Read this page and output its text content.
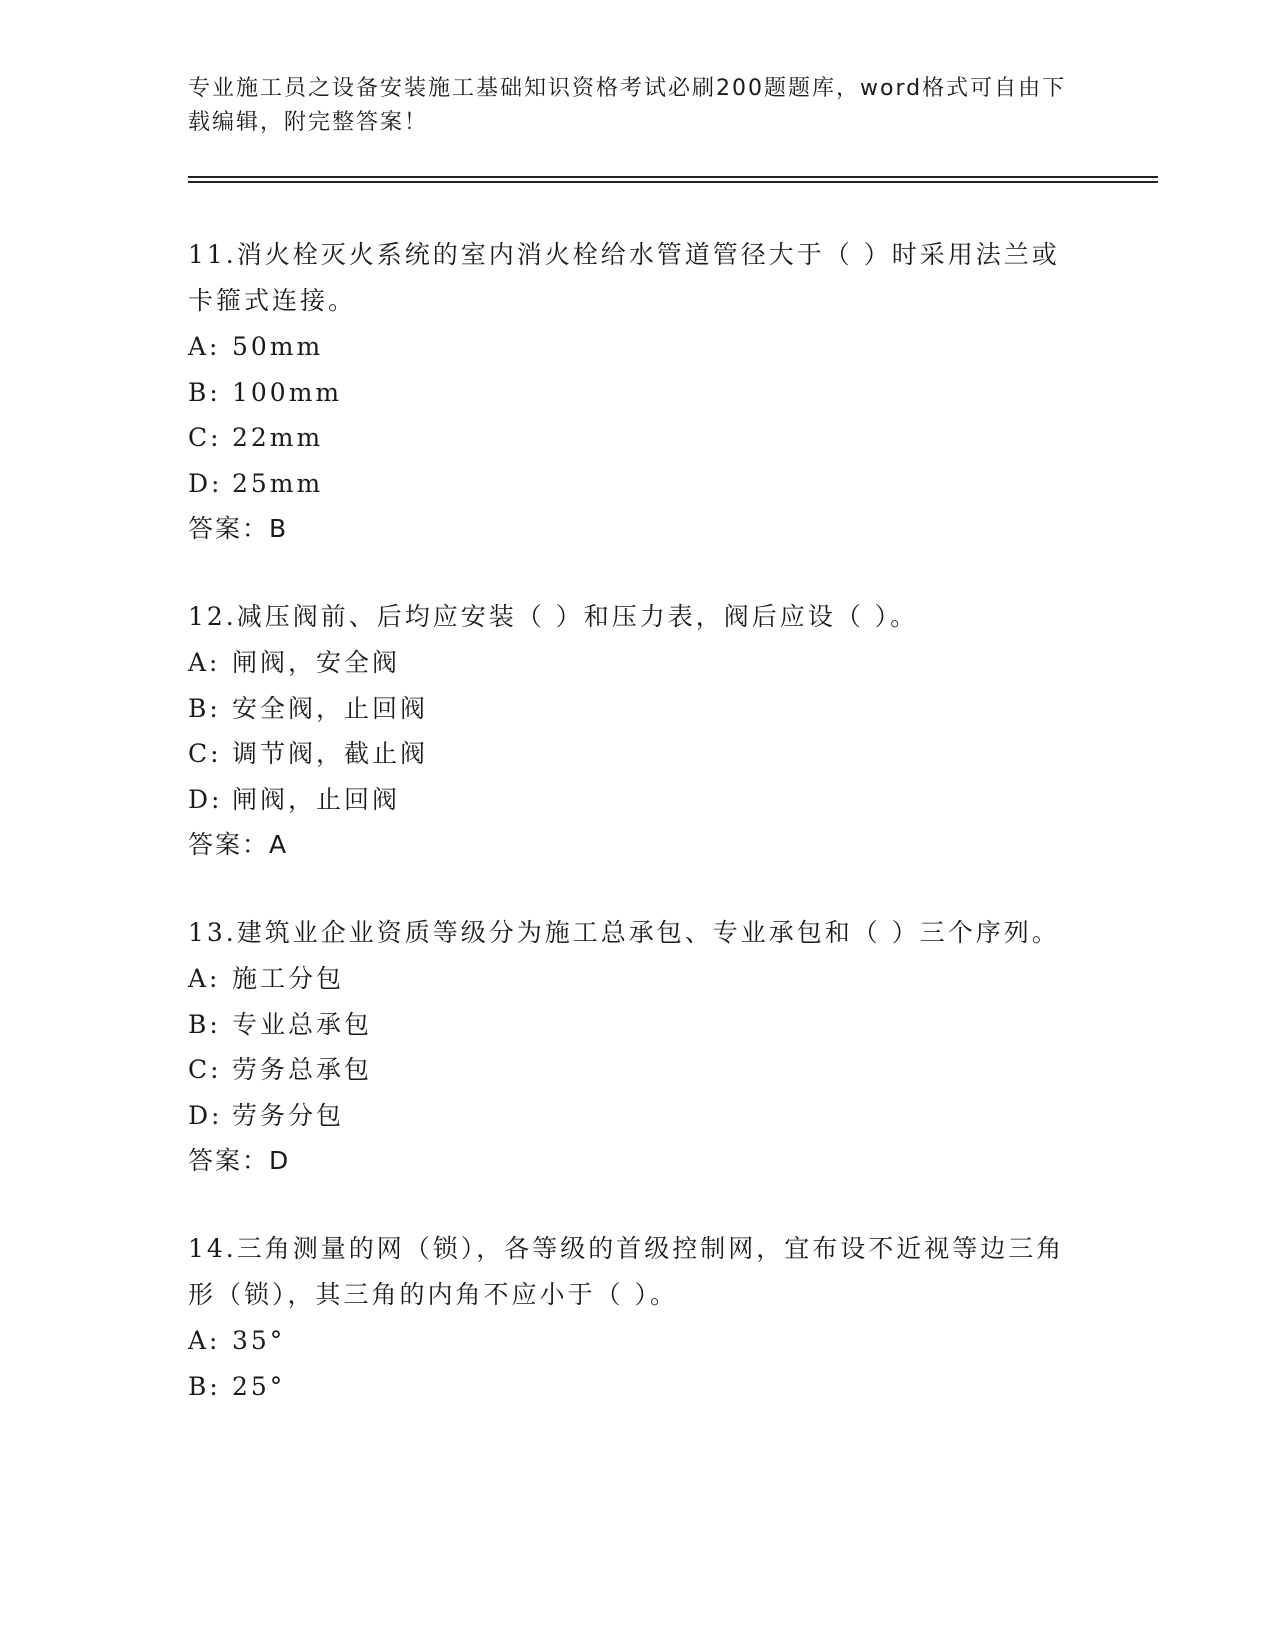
专业施工员之设备安装施工基础知识资格考试必刷200题题库，word格式可自由下载编辑，附完整答案！

11.消火栓灭火系统的室内消火栓给水管道管径大于（ ）时采用法兰或卡箍式连接。

A: 50mm

B: 100mm

C: 22mm

D: 25mm

答案：B

12.减压阀前、后均应安装（ ）和压力表，阀后应设（ ）。

A: 闸阀，安全阀

B: 安全阀，止回阀

C: 调节阀，截止阀

D: 闸阀，止回阀

答案：A

13.建筑业企业资质等级分为施工总承包、专业承包和（ ）三个序列。

A: 施工分包

B: 专业总承包

C: 劳务总承包

D: 劳务分包

答案：D

14.三角测量的网（锁），各等级的首级控制网，宜布设不近视等边三角形（锁），其三角的内角不应小于（ ）。

A: 35°

B: 25°
